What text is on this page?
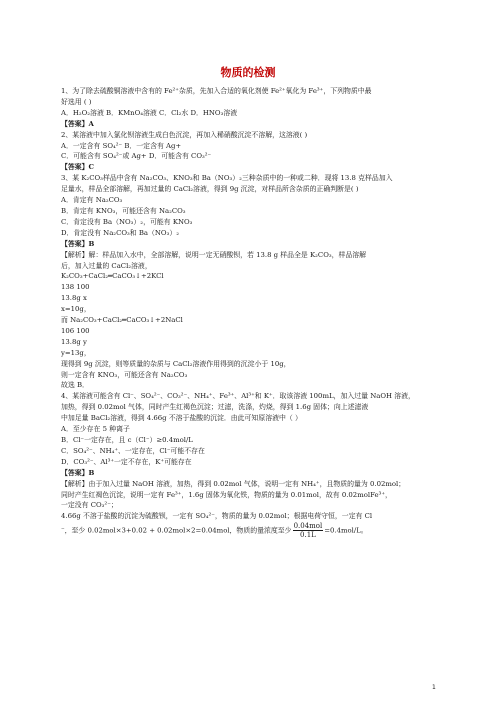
物质的检测
1、为了除去硫酸铜溶液中含有的 Fe²⁺杂质，先加入合适的氧化剂使 Fe²⁺氧化为 Fe³⁺，下列物质中最
好选用 ( )
A．H₂O₂溶液 B．KMnO₄溶液 C．Cl₂水 D．HNO₃溶液
【答案】A
2、某溶液中加入氯化钡溶液生成白色沉淀，再加入稀硝酸沉淀不溶解，这溶液( )
A．一定含有 SO₄²⁻ B．一定含有 Ag+
C．可能含有 SO₄²⁻或 Ag+ D．可能含有 CO₃²⁻
【答案】C
3、某 K₂CO₃样品中含有 Na₂CO₃、KNO₃和 Ba（NO₃）₂三种杂质中的一种或二种．现将 13.8 克样品加入
足量水，样品全部溶解，再加过量的 CaCl₂溶液，得到 9g 沉淀，对样品所含杂质的正确判断是( )
A．肯定有 Na₂CO₃
B．肯定有 KNO₃，可能还含有 Na₂CO₃
C．肯定没有 Ba（NO₃）₂，可能有 KNO₃
D．肯定没有 Na₂CO₃和 Ba（NO₃）₂
【答案】B
【解析】解：样品加入水中，全部溶解，说明一定无硝酸钡，若 13.8 g 样品全是 K₂CO₃，样品溶解
后，加入过量的 CaCl₂溶液，
K₂CO₃+CaCl₂═CaCO₃↓+2KCl
138 100
13.8g x
x=10g，
而 Na₂CO₃+CaCl₂═CaCO₃↓+2NaCl
106 100
13.8g y
y=13g，
现得到 9g 沉淀，则等质量的杂质与 CaCl₂溶液作用得到的沉淀小于 10g，
则一定含有 KNO₃，可能还含有 Na₂CO₃
故选 B．
4、某溶液可能含有 Cl⁻、SO₄²⁻、CO₃²⁻、NH₄⁺、Fe³⁺、Al³⁺和 K⁺．取该溶液 100mL，加入过量 NaOH 溶液，
加热，得到 0.02mol 气体，同时产生红褐色沉淀；过滤，洗涤，灼烧，得到 1.6g 固体；向上述滤液
中加足量 BaCl₂溶液，得到 4.66g 不溶于盐酸的沉淀．由此可知原溶液中（ ）
A．至少存在 5 种离子
B．Cl⁻一定存在，且 c（Cl⁻）≥0.4mol/L
C．SO₄²⁻、NH₄⁺、一定存在，Cl⁻可能不存在
D．CO₃²⁻、Al³⁺一定不存在，K⁺可能存在
【答案】B
【解析】由于加入过量 NaOH 溶液，加热，得到 0.02mol 气体，说明一定有 NH₄⁺，且物质的量为 0.02mol；
同时产生红褐色沉淀，说明一定有 Fe³⁺，1.6g 固体为氧化铁，物质的量为 0.01mol，故有 0.02molFe³⁺，
一定没有 CO₃²⁻；
4.66g 不溶于盐酸的沉淀为硫酸钡，一定有 SO₄²⁻，物质的量为 0.02mol；根据电荷守恒，一定有 Cl
⁻，至少 0.02mol×3+0.02 + 0.02mol×2=0.04mol，物质的量浓度至少 $\frac{\text{0.04mol}}{0.1L} =0.4mol/L$。
1
